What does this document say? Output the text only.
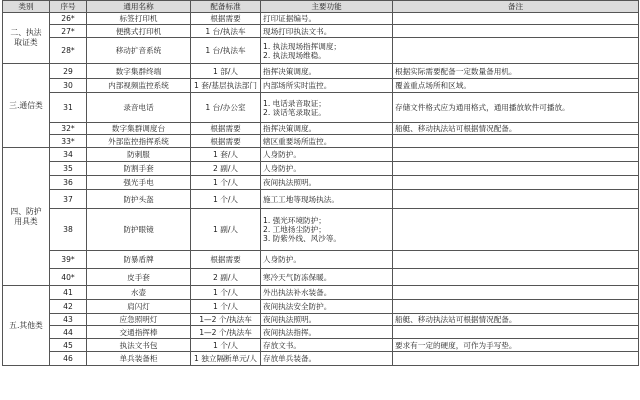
类别	序号	通用名称	配备标准	主要功能	备注

二、执法
取证类	26*	标签打印机	根据需要	打印证据编号。	

	27*	便携式打印机	1 台/执法车	现场打印执法文书。	

	28*	移动扩音系统	1 台/执法车	1. 执法现场指挥调度；
2. 执法现场维稳。	

三.通信类	29	数字集群终端	1 部/人	指挥决策调度。	根据实际需要配备一定数量备用机。
	30	内部视频监控系统	1 套/基层执法部门	内部场所实时监控。	覆盖重点场所和区域。
	31	录音电话	1 台/办公室	1. 电话录音取证；
2. 谈话笔录取证。	存储文件格式应为通用格式，通用播放软件可播放。
	32*	数字集群调度台	根据需要	指挥决策调度。	船艇、移动执法站可根据情况配备。
	33*	外部监控指挥系统	根据需要	辖区重要场所监控。	

四、防护
用具类	34	防刺服	1 套/人	人身防护。	

	35	防割手套	2 副/人	人身防护。	

	36	强光手电	1 个/人	夜间执法照明。	

	37	防护头盔	1 个/人	施工工地等现场执法。	

	38	防护眼镜	1 副/人	1. 强光环境防护；
2. 工地扬尘防护；
3. 防紫外线、风沙等。	

	39*	防暴盾牌	根据需要	人身防护。	

	40*	皮手套	2 副/人	寒冷天气防冻保暖。	

五.其他类	41	水壶	1 个/人	外出执法补水装备。	

	42	肩闪灯	1 个/人	夜间执法安全防护。	

	43	应急照明灯	1—2 个/执法车	夜间执法照明。	船艇、移动执法站可根据情况配备。
	44	交通指挥棒	1—2 个/执法车	夜间执法指挥。	

	45	执法文书包	1 个/人	存放文书。	要求有一定的硬度，可作为手写垫。
	46	单兵装备柜	1 独立隔断单元/人	存放单兵装备。	
